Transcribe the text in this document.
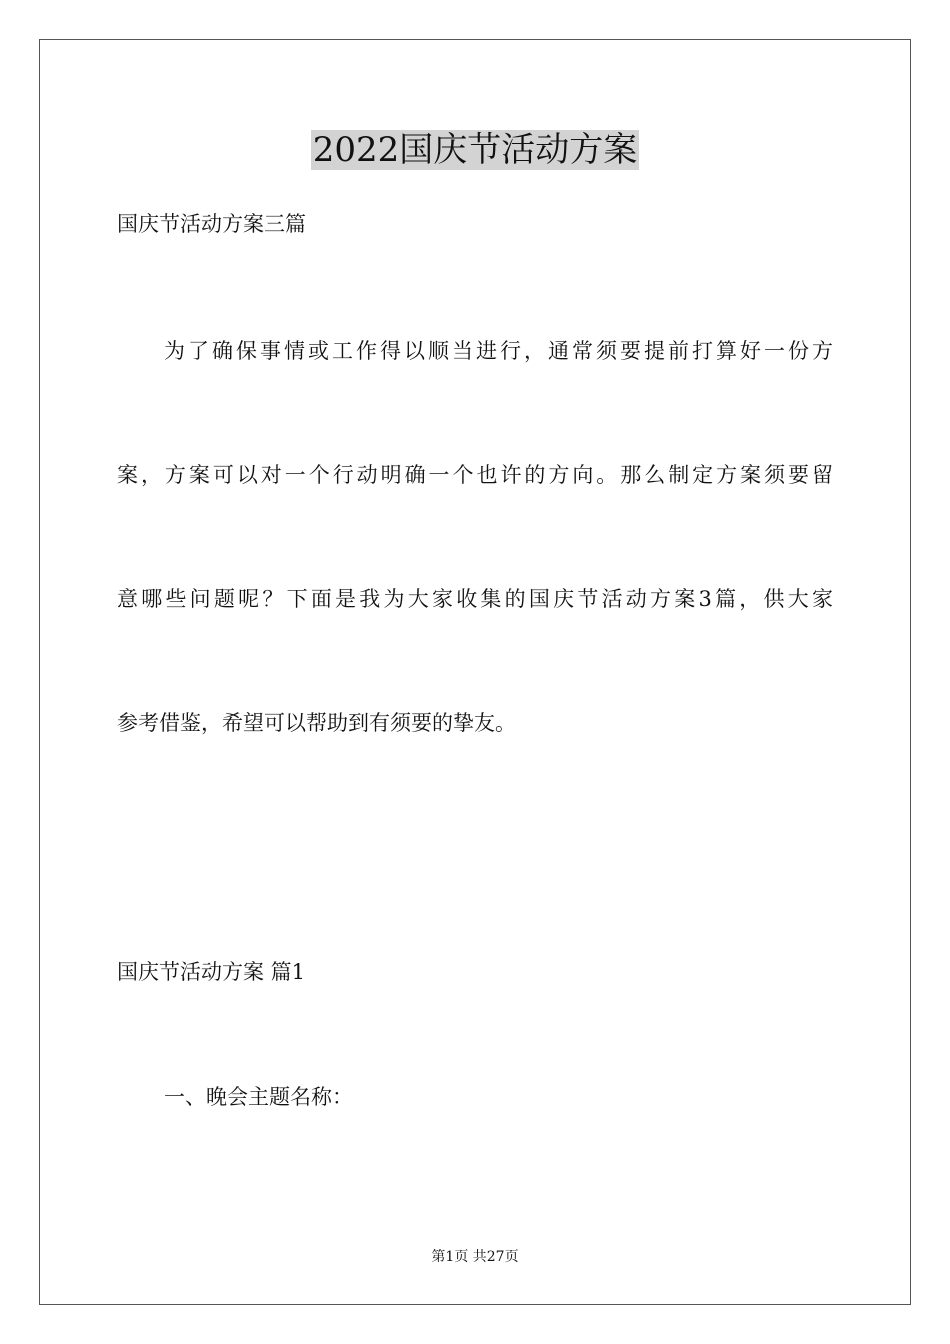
2022国庆节活动方案
国庆节活动方案三篇
为了确保事情或工作得以顺当进行，通常须要提前打算好一份方
案，方案可以对一个行动明确一个也许的方向。那么制定方案须要留
意哪些问题呢？下面是我为大家收集的国庆节活动方案3篇，供大家
参考借鉴，希望可以帮助到有须要的挚友。
国庆节活动方案 篇1
一、晚会主题名称：
第1页 共27页
